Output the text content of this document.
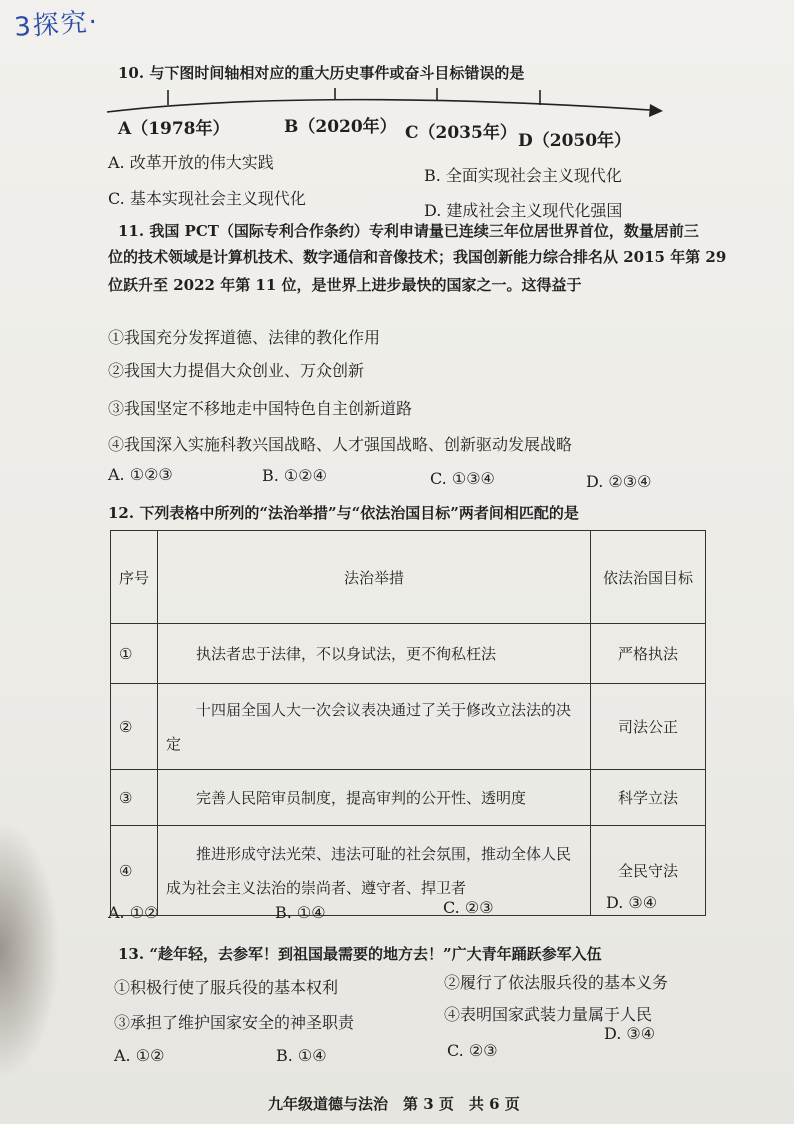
3探究·
10. 与下图时间轴相对应的重大历史事件或奋斗目标错误的是
A（1978年）	B（2020年） C（2035年） D（2050年）
A. 改革开放的伟大实践
B. 全面实现社会主义现代化
C. 基本实现社会主义现代化
D. 建成社会主义现代化强国
11. 我国 PCT（国际专利合作条约）专利申请量已连续三年位居世界首位，数量居前三
位的技术领域是计算机技术、数字通信和音像技术；我国创新能力综合排名从 2015 年第 29
位跃升至 2022 年第 11 位，是世界上进步最快的国家之一。这得益于
①我国充分发挥道德、法律的教化作用
②我国大力提倡大众创业、万众创新
③我国坚定不移地走中国特色自主创新道路
④我国深入实施科教兴国战略、人才强国战略、创新驱动发展战略
A. ①②③	B. ①②④	C. ①③④	D. ②③④
12. 下列表格中所列的“法治举措”与“依法治国目标”两者间相匹配的是
序号	法治举措	依法治国目标
①	　　执法者忠于法律，不以身试法，更不徇私枉法	严格执法
②	　　十四届全国人大一次会议表决通过了关于修改立法法的决定	司法公正
③	　　完善人民陪审员制度，提高审判的公开性、透明度	科学立法
④	　　推进形成守法光荣、违法可耻的社会氛围，推动全体人民成为社会主义法治的崇尚者、遵守者、捍卫者	全民守法
A. ①②	B. ①④	C. ②③	D. ③④
13. “趁年轻，去参军！到祖国最需要的地方去！”广大青年踊跃参军入伍
①积极行使了服兵役的基本权利	②履行了依法服兵役的基本义务
③承担了维护国家安全的神圣职责	④表明国家武装力量属于人民
A. ①②	B. ①④	C. ②③
D. ③④
九年级道德与法治　第 3 页　共 6 页
